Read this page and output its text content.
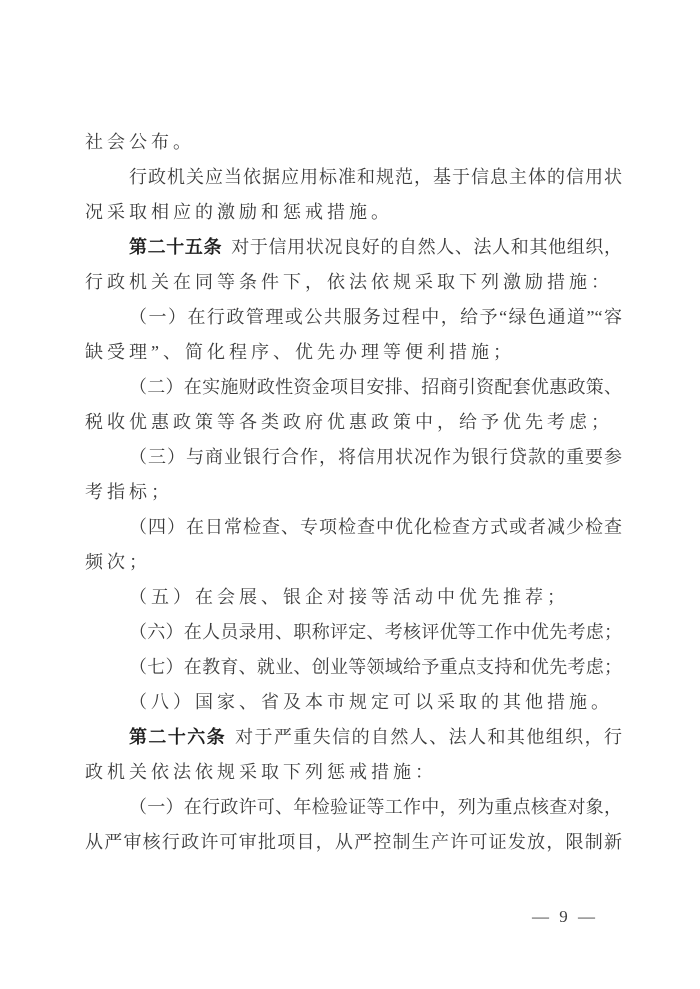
社会公布。
行政机关应当依据应用标准和规范，基于信息主体的信用状
况采取相应的激励和惩戒措施。
第二十五条 对于信用状况良好的自然人、法人和其他组织，
行政机关在同等条件下，依法依规采取下列激励措施：
（一）在行政管理或公共服务过程中，给予“绿色通道”“容
缺受理”、简化程序、优先办理等便利措施；
（二）在实施财政性资金项目安排、招商引资配套优惠政策、
税收优惠政策等各类政府优惠政策中，给予优先考虑；
（三）与商业银行合作，将信用状况作为银行贷款的重要参
考指标；
（四）在日常检查、专项检查中优化检查方式或者减少检查
频次；
（五）在会展、银企对接等活动中优先推荐；
（六）在人员录用、职称评定、考核评优等工作中优先考虑；
（七）在教育、就业、创业等领域给予重点支持和优先考虑；
（八）国家、省及本市规定可以采取的其他措施。
第二十六条 对于严重失信的自然人、法人和其他组织，行
政机关依法依规采取下列惩戒措施：
（一）在行政许可、年检验证等工作中，列为重点核查对象，
从严审核行政许可审批项目，从严控制生产许可证发放，限制新
— 9 —
